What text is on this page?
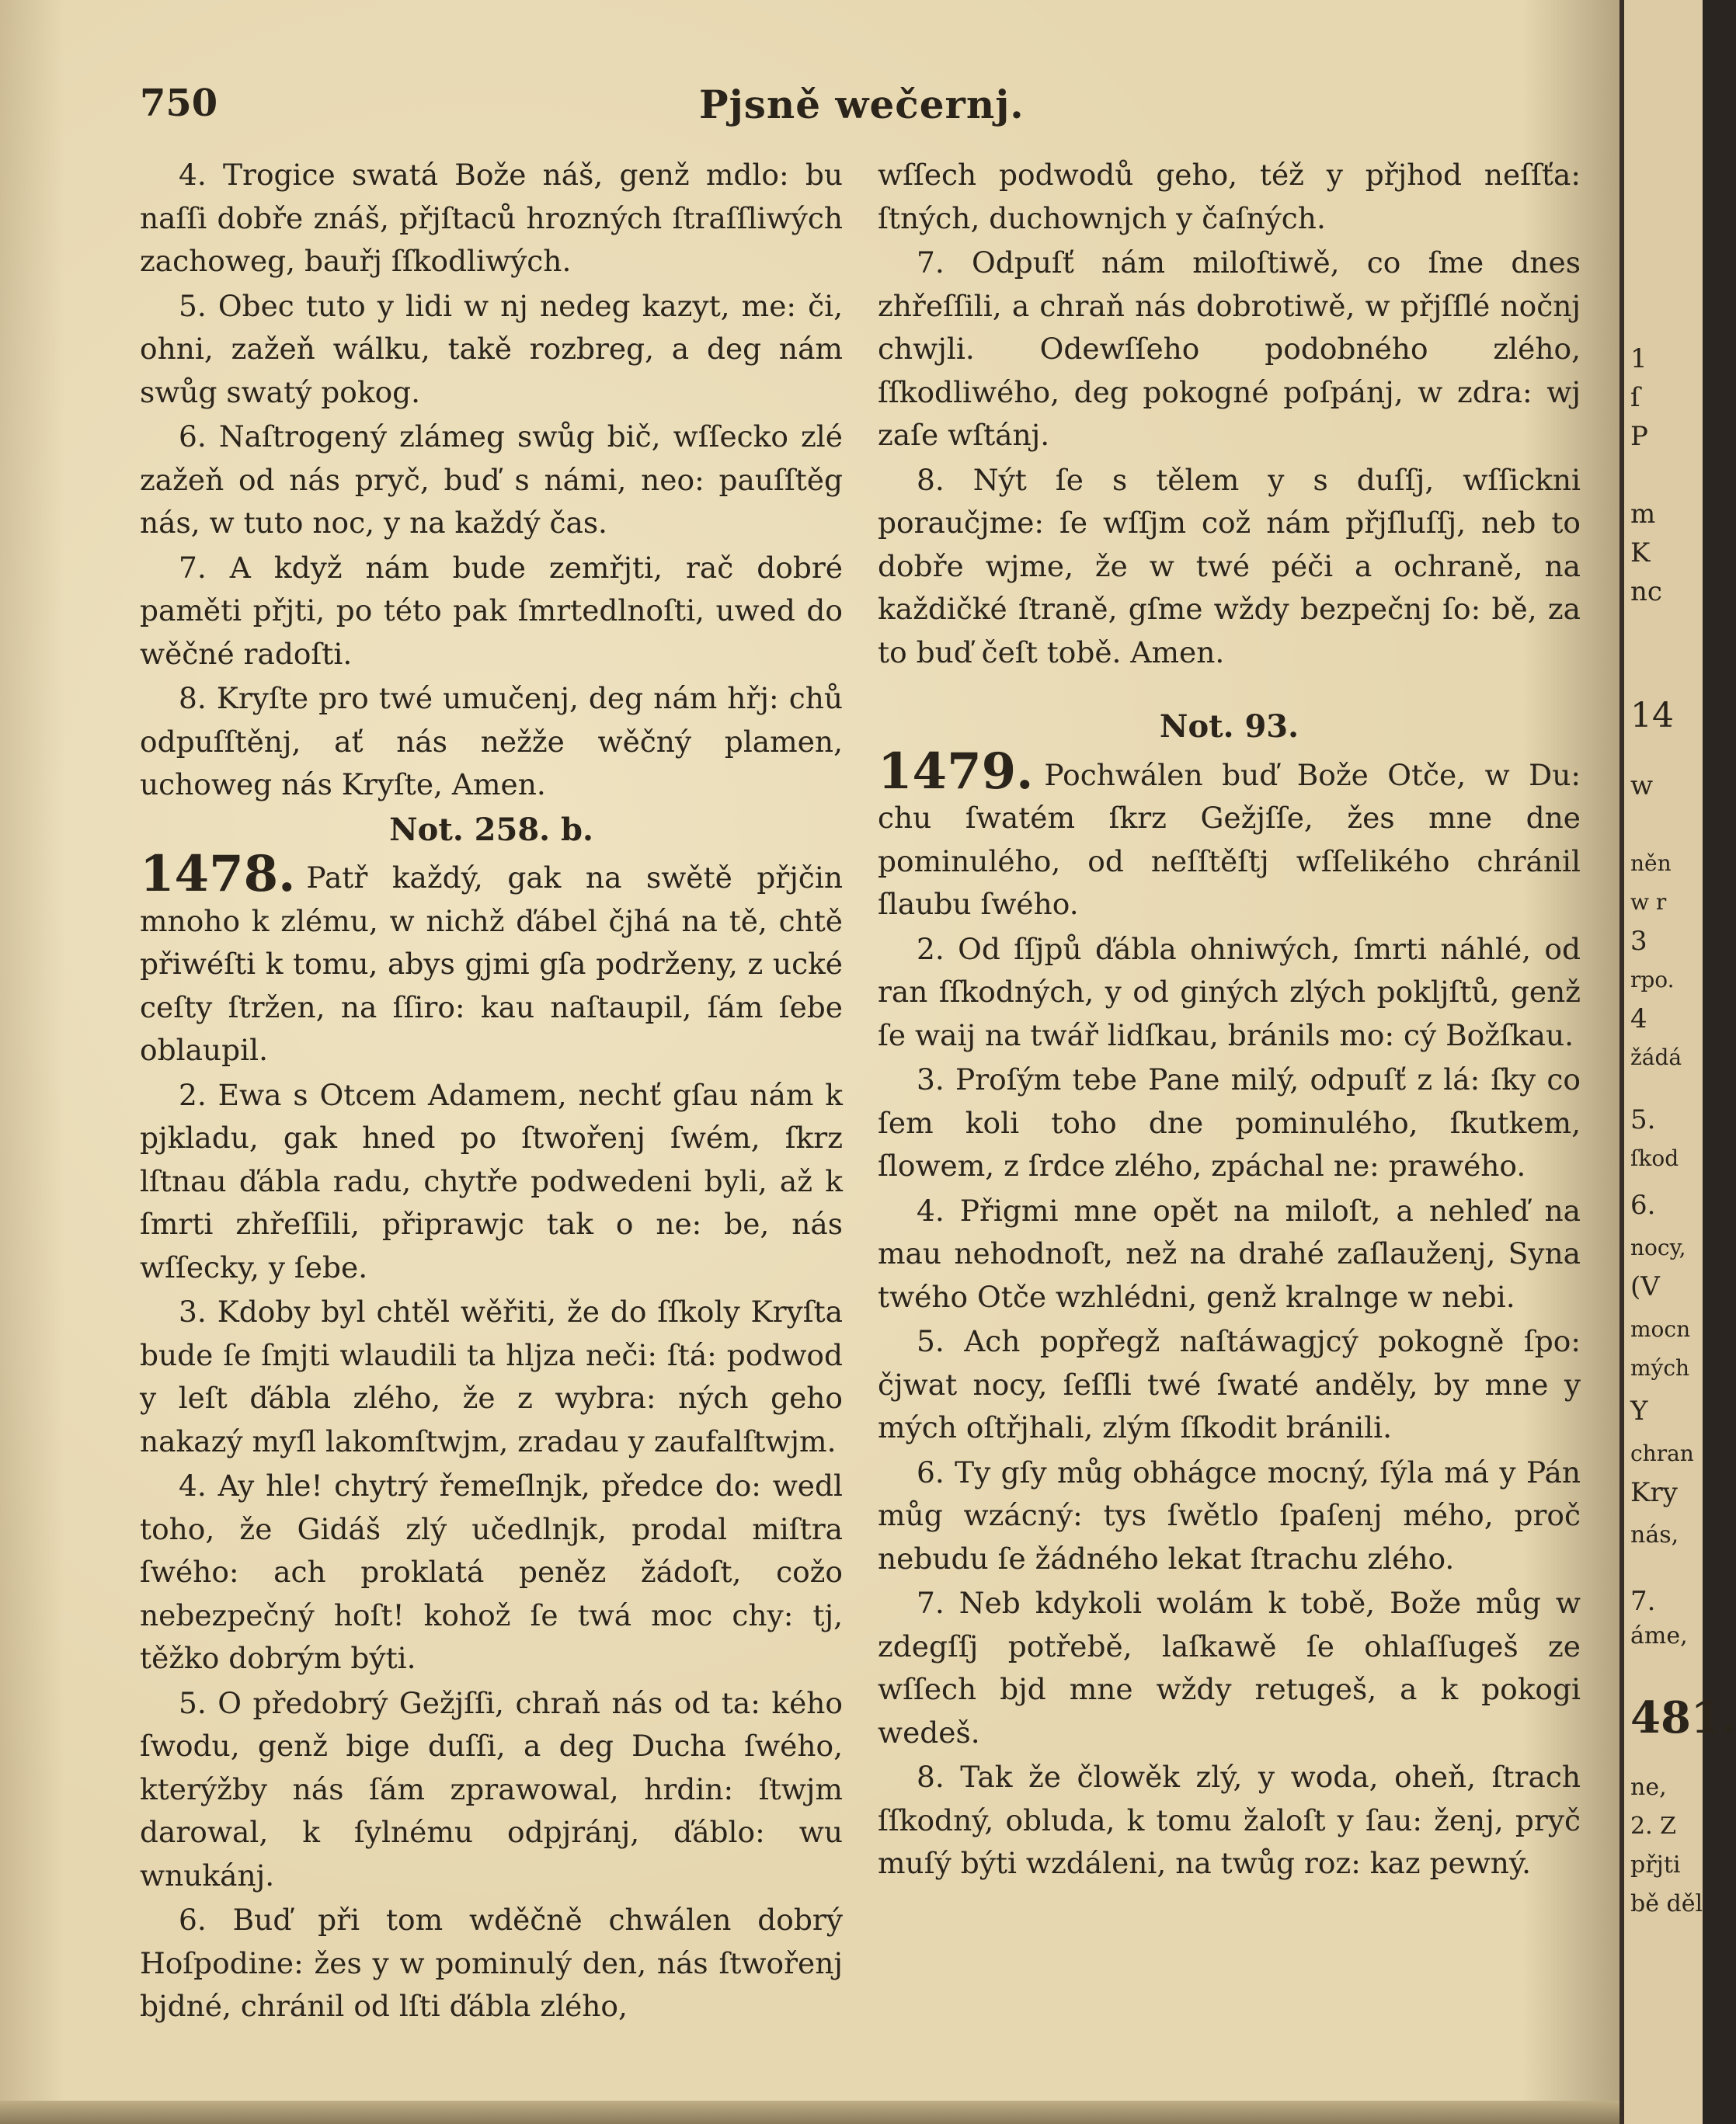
750	Pjsně wečernj.

4. Trogice swatá Bože náš, genž mdlo: bu naſſi dobře znáš, přjſtaců hrozných ſtraſſliwých zachoweg, bauřj ſſkodliwých.

5. Obec tuto y lidi w nj nedeg kazyt, me: či, ohni, zažeň wálku, takě rozbreg, a deg nám swůg swatý pokog.

6. Naſtrogený zlámeg swůg bič, wſſecko zlé zažeň od nás pryč, buď s námi, neo: pauſſtěg nás, w tuto noc, y na každý čas.

7. A když nám bude zemřjti, rač dobré paměti přjti, po této pak ſmrtedlnoſti, uwed do wěčné radoſti.

8. Kryſte pro twé umučenj, deg nám hřj: chů odpuſſtěnj, ať nás nežže wěčný plamen, uchoweg nás Kryſte, Amen.

Not. 258. b.

1478. Patř každý, gak na swětě přjčin mnoho k zlému, w nichž ďábel čjhá na tě, chtě přiwéſti k tomu, abys gjmi gſa podrženy, z ucké ceſty ſtržen, na ſſiro: kau naſtaupil, ſám ſebe oblaupil.

2. Ewa s Otcem Adamem, nechť gſau nám k pjkladu, gak hned po ſtwořenj ſwém, ſkrz lſtnau ďábla radu, chytře podwedeni byli, až k ſmrti zhřeſſili, připrawjc tak o ne: be, nás wſſecky, y ſebe.

3. Kdoby byl chtěl wěřiti, že do ſſkoly Kryſta bude ſe ſmjti wlaudili ta hljza neči: ſtá: podwod y leſt ďábla zlého, že z wybra: ných geho nakazý myſl lakomſtwjm, zradau y zaufalſtwjm.

4. Ay hle! chytrý řemeſlnjk, předce do: wedl toho, že Gidáš zlý učedlnjk, prodal miſtra ſwého: ach proklatá peněz žádoſt, cožo nebezpečný hoſt! kohož ſe twá moc chy: tj, těžko dobrým býti.

5. O předobrý Gežjſſi, chraň nás od ta: kého ſwodu, genž bige duſſi, a deg Ducha ſwého, kterýžby nás ſám zprawowal, hrdin: ſtwjm darowal, k ſylnému odpjránj, ďáblo: wu wnukánj.

6. Buď při tom wděčně chwálen dobrý Hoſpodine: žes y w pominulý den, nás ſtwořenj bjdné, chránil od lſti ďábla zlého,

wſſech podwodů geho, též y přjhod neſſťa: ſtných, duchownjch y čaſných.

7. Odpuſť nám miloſtiwě, co ſme dnes zhřeſſili, a chraň nás dobrotiwě, w přjſſlé nočnj chwjli. Odewſſeho podobného zlého, ſſkodliwého, deg pokogné poſpánj, w zdra: wj zaſe wſtánj.

8. Nýt ſe s tělem y s duſſj, wſſickni poraučjme: ſe wſſjm což nám přjſluſſj, neb to dobře wjme, že w twé péči a ochraně, na každičké ſtraně, gſme wždy bezpečnj ſo: bě, za to buď čeſt tobě. Amen.

Not. 93.

1479. Pochwálen buď Bože Otče, w Du: chu ſwatém ſkrz Gežjſſe, žes mne dne pominulého, od neſſtěſtj wſſelikého chránil ſlaubu ſwého.

2. Od ſſjpů ďábla ohniwých, ſmrti náhlé, od ran ſſkodných, y od giných zlých pokljſtů, genž ſe waij na twář lidſkau, bránils mo: cý Božſkau.

3. Proſým tebe Pane milý, odpuſť z lá: ſky co ſem koli toho dne pominulého, ſkutkem, ſlowem, z ſrdce zlého, zpáchal ne: prawého.

4. Přigmi mne opět na miloſt, a nehleď na mau nehodnoſt, než na drahé zaſlauženj, Syna twého Otče wzhlédni, genž kralnge w nebi.

5. Ach popřegž naſtáwagjcý pokogně ſpo: čjwat nocy, ſeſſli twé ſwaté anděly, by mne y mých oſtřjhali, zlým ſſkodit bránili.

6. Ty gſy můg obhágce mocný, ſýla má y Pán můg wzácný: tys ſwětlo ſpaſenj mého, proč nebudu ſe žádného lekat ſtrachu zlého.

7. Neb kdykoli wolám k tobě, Bože můg w zdegſſj potřebě, laſkawě ſe ohlaſſugeš ze wſſech bjd mne wždy retugeš, a k pokogi wedeš.

8. Tak že člowěk zlý, y woda, oheň, ſtrach ſſkodný, obluda, k tomu žaloſt y ſau: ženj, pryč muſý býti wzdáleni, na twůg roz: kaz pewný.

1
ſ
P
m
K
nc
14
w
něn
w r
3
rpo.
4
žádá
5.
ſkod
6.
nocy,
(V
mocn
mých
Y
chran
Kry
nás,
7.
áme,
481.
ne,
2. Z
přjti
bě děl
